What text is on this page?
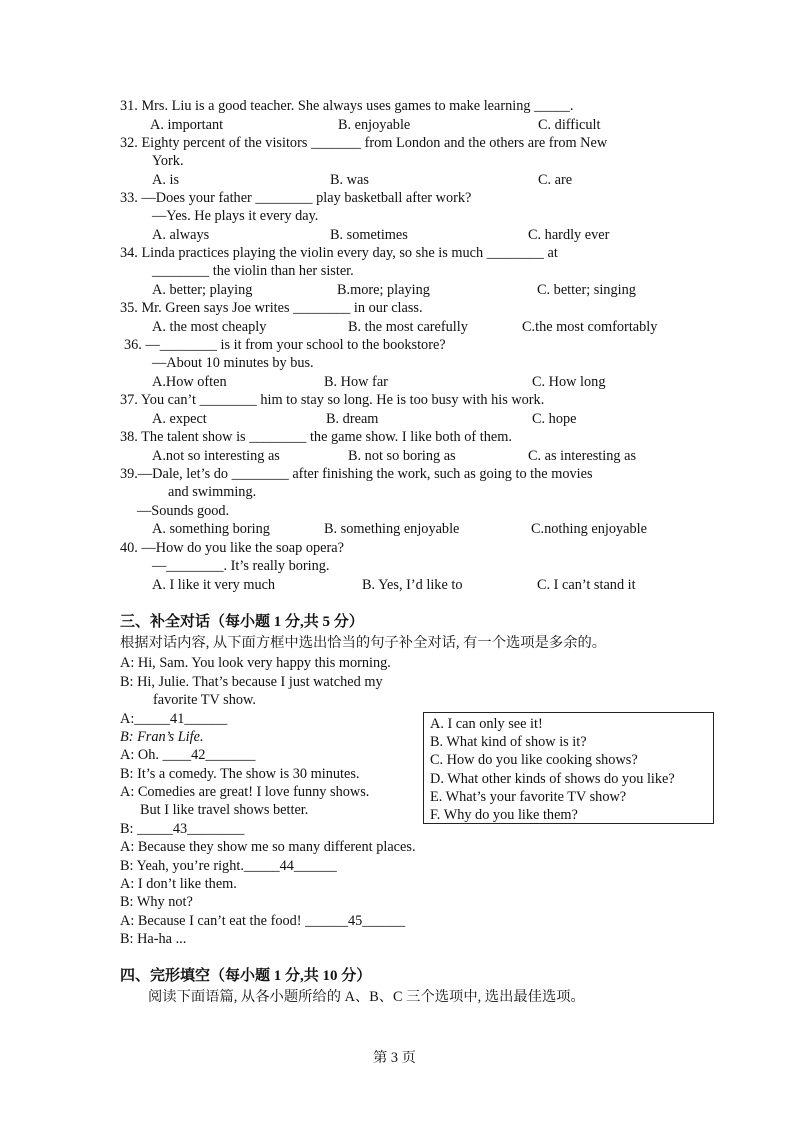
31. Mrs. Liu is a good teacher. She always uses games to make learning _____.
A. important	B. enjoyable	C. difficult
32. Eighty percent of the visitors _______ from London and the others are from New
York.
A. is	B. was	C. are
33. —Does your father ________ play basketball after work?
—Yes. He plays it every day.
A. always	B. sometimes	C. hardly ever
34. Linda practices playing the violin every day, so she is much ________ at
________ the violin than her sister.
A. better; playing	B.more; playing	C. better; singing
35. Mr. Green says Joe writes ________ in our class.
A. the most cheaply	B. the most carefully	C.the most comfortably
36. —________ is it from your school to the bookstore?
—About 10 minutes by bus.
A.How often	B. How far	C. How long
37. You can’t ________ him to stay so long. He is too busy with his work.
A. expect	B. dream	C. hope
38. The talent show is ________ the game show. I like both of them.
A.not so interesting as	B. not so boring as	C. as interesting as
39.—Dale, let’s do ________ after finishing the work, such as going to the movies
and swimming.
—Sounds good.
A. something boring	B. something enjoyable	C.nothing enjoyable
40. —How do you like the soap opera?
—________. It’s really boring.
A. I like it very much	B. Yes, I’d like to	C. I can’t stand it
三、补全对话（每小题 1 分,共 5 分）
根据对话内容, 从下面方框中选出恰当的句子补全对话, 有一个选项是多余的。
A: Hi, Sam. You look very happy this morning.
B: Hi, Julie. That’s because I just watched my
favorite TV show.
A:_____41______
B: Fran’s Life.
A: Oh. ____42_______
B: It’s a comedy. The show is 30 minutes.
A: Comedies are great! I love funny shows.
But I like travel shows better.
B: _____43________
A: Because they show me so many different places.
B: Yeah, you’re right._____44______
A: I don’t like them.
B: Why not?
A: Because I can’t eat the food! ______45______
B: Ha-ha ...
A. I can only see it!
B. What kind of show is it?
C. How do you like cooking shows?
D. What other kinds of shows do you like?
E. What’s your favorite TV show?
F. Why do you like them?
四、完形填空（每小题 1 分,共 10 分）
阅读下面语篇, 从各小题所给的 A、B、C 三个选项中, 选出最佳选项。
第 3 页
